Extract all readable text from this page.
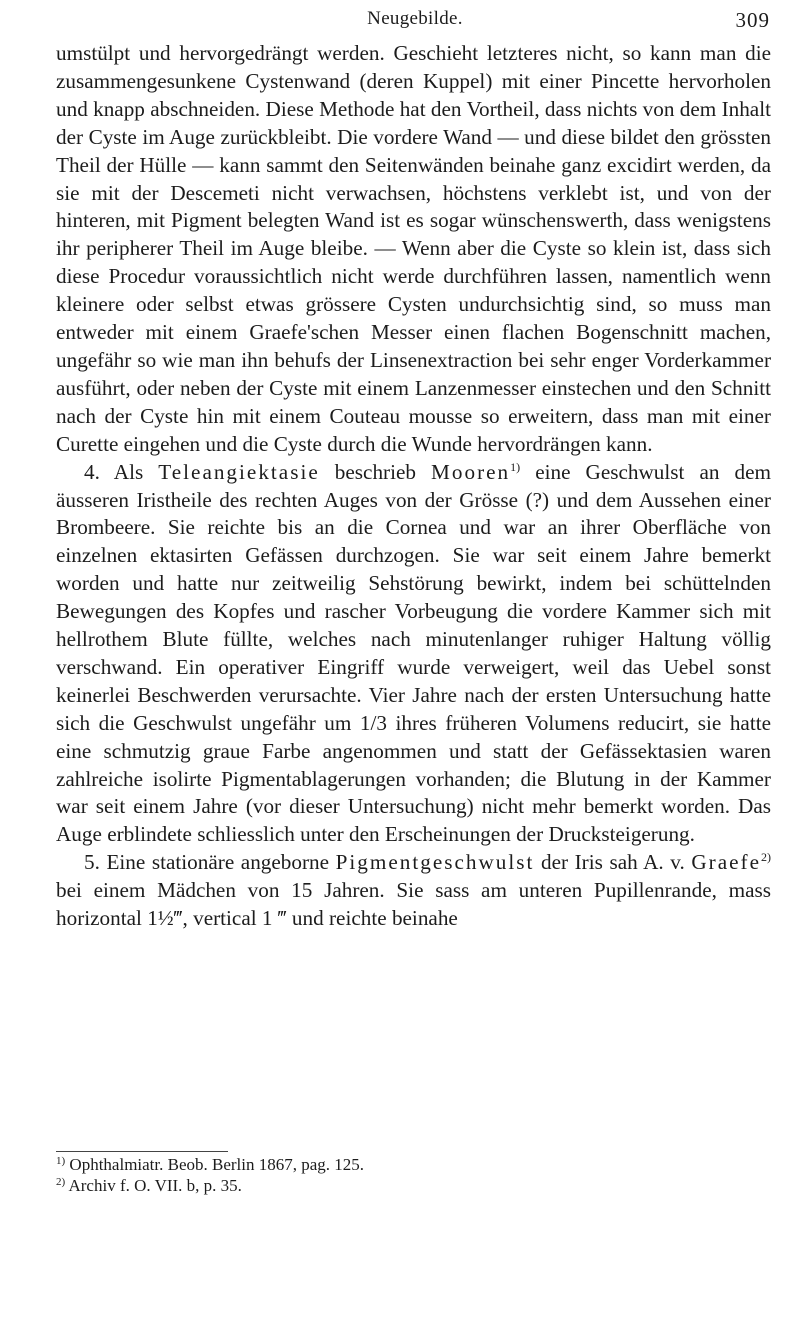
Neugebilde.	309

umstülpt und hervorgedrängt werden. Geschieht letzteres nicht, so kann man die zusammengesunkene Cystenwand (deren Kuppel) mit einer Pincette hervorholen und knapp abschneiden. Diese Methode hat den Vortheil, dass nichts von dem Inhalt der Cyste im Auge zurückbleibt. Die vordere Wand — und diese bildet den grössten Theil der Hülle — kann sammt den Seitenwänden beinahe ganz excidirt werden, da sie mit der Descemeti nicht verwachsen, höchstens verklebt ist, und von der hinteren, mit Pigment belegten Wand ist es sogar wünschenswerth, dass wenigstens ihr peripherer Theil im Auge bleibe. — Wenn aber die Cyste so klein ist, dass sich diese Procedur voraussichtlich nicht werde durchführen lassen, namentlich wenn kleinere oder selbst etwas grössere Cysten undurchsichtig sind, so muss man entweder mit einem Graefe'schen Messer einen flachen Bogenschnitt machen, ungefähr so wie man ihn behufs der Linsenextraction bei sehr enger Vorderkammer ausführt, oder neben der Cyste mit einem Lanzenmesser einstechen und den Schnitt nach der Cyste hin mit einem Couteau mousse so erweitern, dass man mit einer Curette eingehen und die Cyste durch die Wunde hervordrängen kann.

4. Als Teleangiektasie beschrieb Mooren$^{1)}$ eine Geschwulst an dem äusseren Iristheile des rechten Auges von der Grösse (?) und dem Aussehen einer Brombeere. Sie reichte bis an die Cornea und war an ihrer Oberfläche von einzelnen ektasirten Gefässen durchzogen. Sie war seit einem Jahre bemerkt worden und hatte nur zeitweilig Sehstörung bewirkt, indem bei schüttelnden Bewegungen des Kopfes und rascher Vorbeugung die vordere Kammer sich mit hellrothem Blute füllte, welches nach minutenlanger ruhiger Haltung völlig verschwand. Ein operativer Eingriff wurde verweigert, weil das Uebel sonst keinerlei Beschwerden verursachte. Vier Jahre nach der ersten Untersuchung hatte sich die Geschwulst ungefähr um 1/3 ihres früheren Volumens reducirt, sie hatte eine schmutzig graue Farbe angenommen und statt der Gefässektasien waren zahlreiche isolirte Pigmentablagerungen vorhanden; die Blutung in der Kammer war seit einem Jahre (vor dieser Untersuchung) nicht mehr bemerkt worden. Das Auge erblindete schliesslich unter den Erscheinungen der Drucksteigerung.

5. Eine stationäre angeborne Pigmentgeschwulst der Iris sah A. v. Graefe$^{2)}$ bei einem Mädchen von 15 Jahren. Sie sass am unteren Pupillenrande, mass horizontal 1½‴, vertical 1 ‴ und reichte beinahe

$^{1)}$ Ophthalmiatr. Beob. Berlin 1867, pag. 125.

$^{2)}$ Archiv f. O. VII. b, p. 35.
